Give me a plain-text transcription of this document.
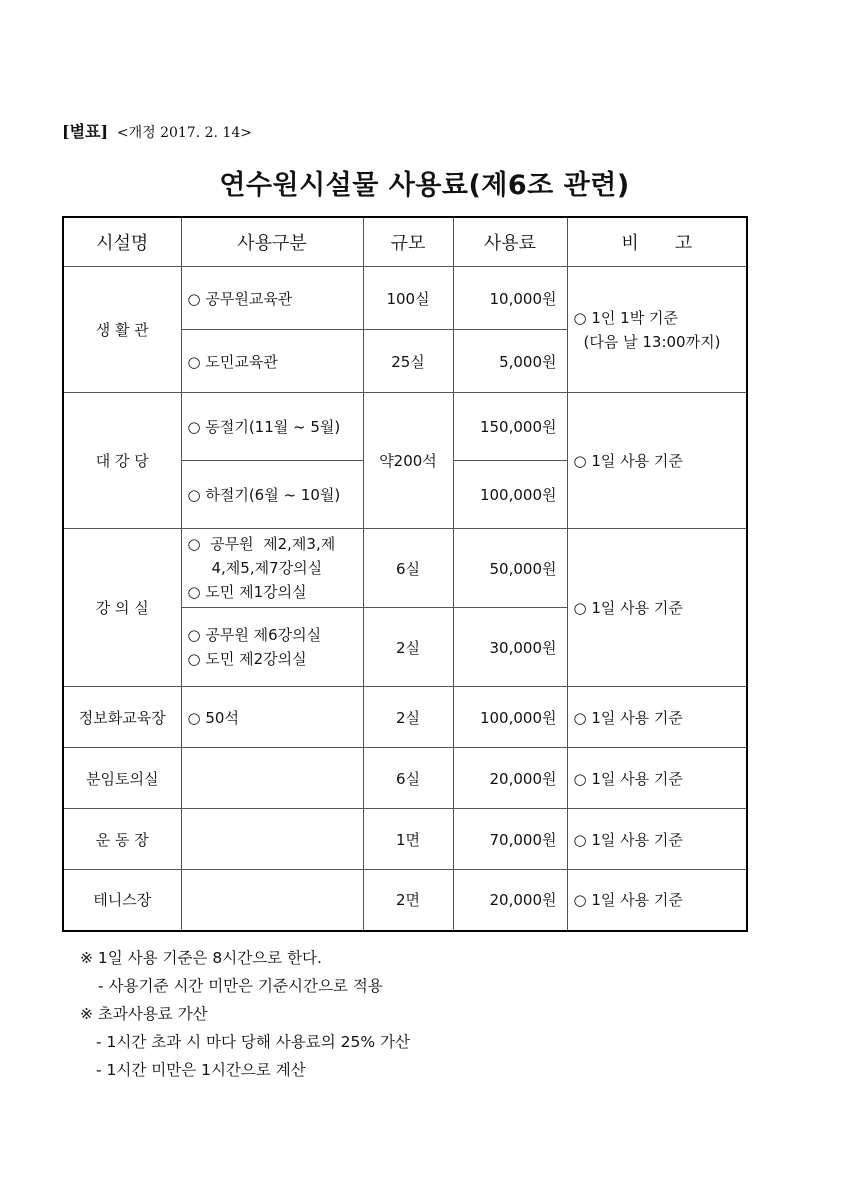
[별표] <개정 2017. 2. 14>
연수원시설물 사용료(제6조 관련)
시설명	사용구분	규모	사용료	비　　고
생 활 관	○ 공무원교육관	100실	10,000원	○ 1인 1박 기준
(다음 날 13:00까지)

	○ 도민교육관	25실	5,000원	
대 강 당	○ 동절기(11월 ~ 5월)	약200석	150,000원	○ 1일 사용 기준
	○ 하절기(6월 ~ 10월)		100,000원	
강 의 실	○  공무원  제2,제3,제
4,제5,제7강의실
○ 도민 제1강의실	6실	50,000원	○ 1일 사용 기준

	○ 공무원 제6강의실
○ 도민 제2강의실	2실	30,000원	
정보화교육장	○ 50석	2실	100,000원	○ 1일 사용 기준
분임토의실		6실	20,000원	○ 1일 사용 기준
운 동 장		1면	70,000원	○ 1일 사용 기준
테니스장		2면	20,000원	○ 1일 사용 기준
※ 1일 사용 기준은 8시간으로 한다.
- 사용기준 시간 미만은 기준시간으로 적용
※ 초과사용료 가산
- 1시간 초과 시 마다 당해 사용료의 25% 가산
- 1시간 미만은 1시간으로 계산
